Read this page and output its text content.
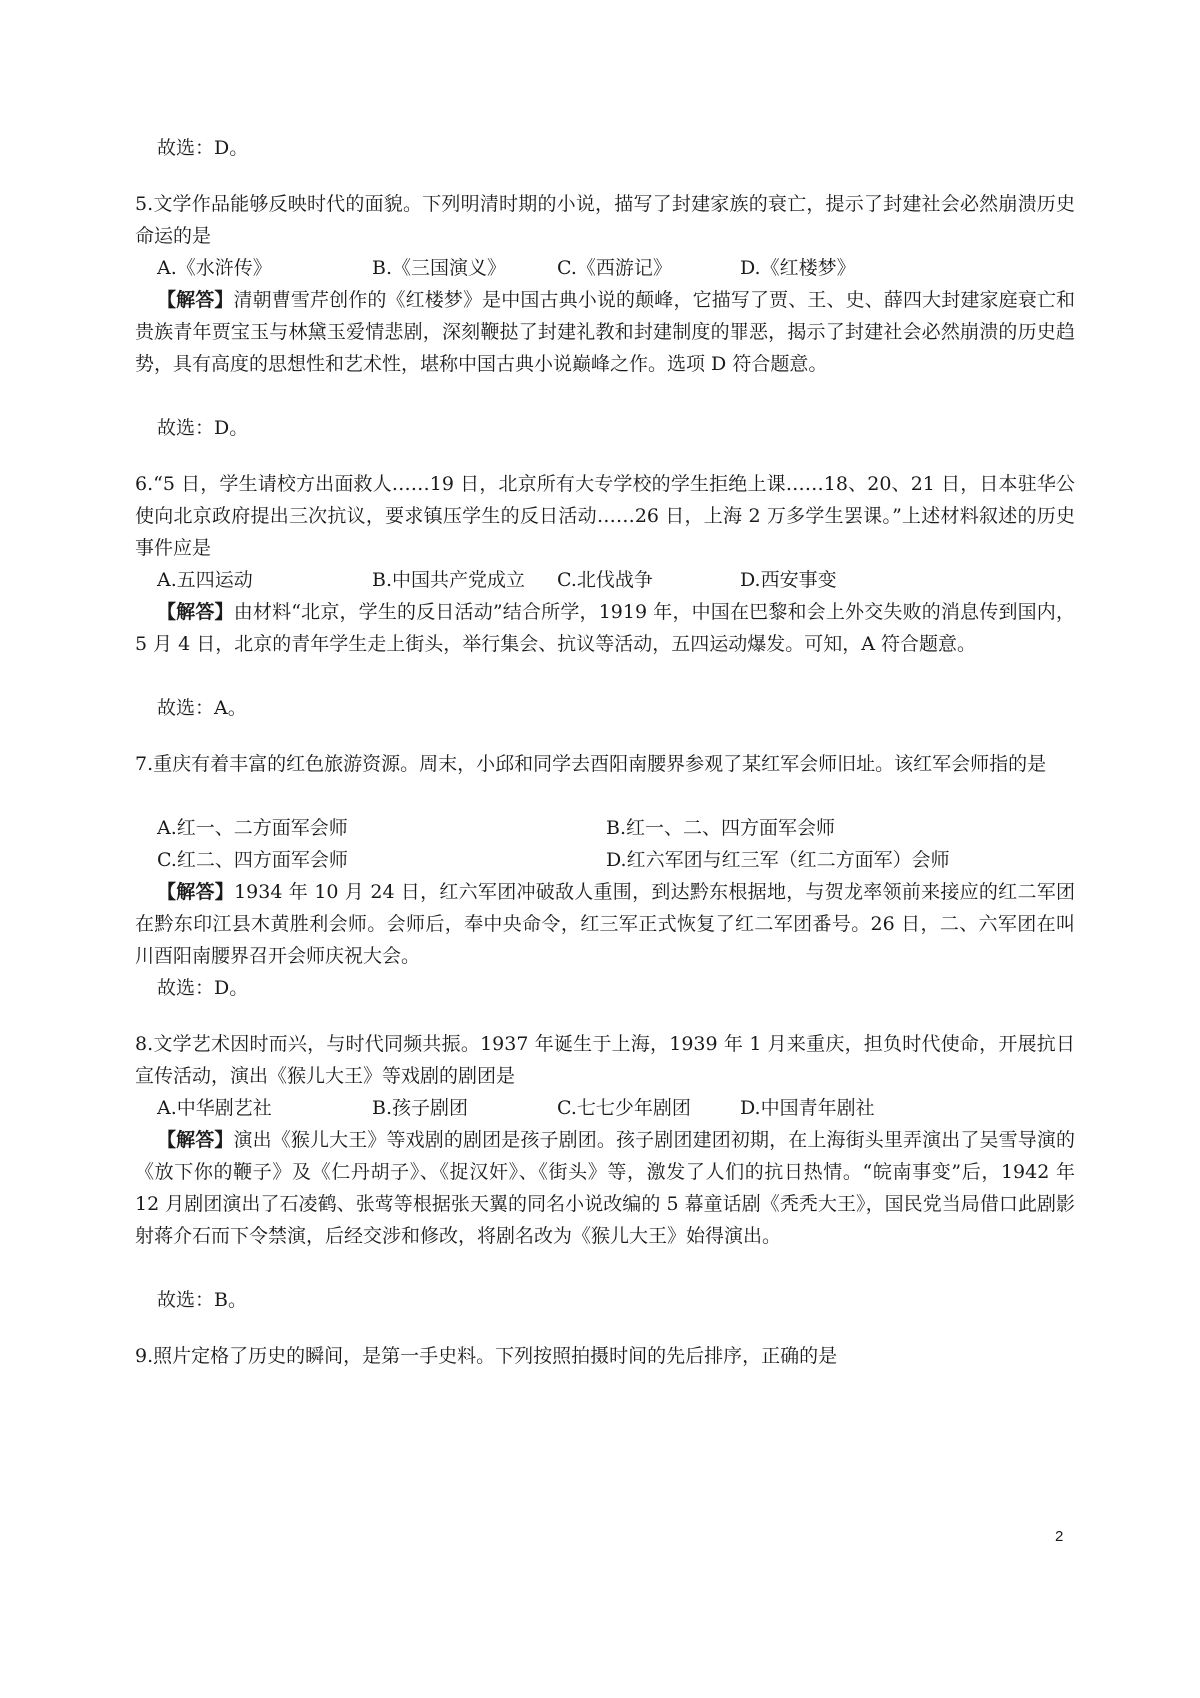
故选：D。

5.文学作品能够反映时代的面貌。下列明清时期的小说，描写了封建家族的衰亡，提示了封建社会必然崩溃历史命运的是

A.《水浒传》	B.《三国演义》	C.《西游记》	D.《红楼梦》

【解答】清朝曹雪芹创作的《红楼梦》是中国古典小说的颠峰，它描写了贾、王、史、薛四大封建家庭衰亡和贵族青年贾宝玉与林黛玉爱情悲剧，深刻鞭挞了封建礼教和封建制度的罪恶，揭示了封建社会必然崩溃的历史趋势，具有高度的思想性和艺术性，堪称中国古典小说巅峰之作。选项 D 符合题意。

故选：D。

6.“5 日，学生请校方出面救人……19 日，北京所有大专学校的学生拒绝上课……18、20、21 日，日本驻华公使向北京政府提出三次抗议，要求镇压学生的反日活动……26 日，上海 2 万多学生罢课。”上述材料叙述的历史事件应是

A.五四运动	B.中国共产党成立 C.北伐战争	D.西安事变

【解答】由材料“北京，学生的反日活动”结合所学，1919 年，中国在巴黎和会上外交失败的消息传到国内，5 月 4 日，北京的青年学生走上街头，举行集会、抗议等活动，五四运动爆发。可知，A 符合题意。

故选：A。

7.重庆有着丰富的红色旅游资源。周末，小邱和同学去酉阳南腰界参观了某红军会师旧址。该红军会师指的是

A.红一、二方面军会师	B.红一、二、四方面军会师
C.红二、四方面军会师	D.红六军团与红三军（红二方面军）会师

【解答】1934 年 10 月 24 日，红六军团冲破敌人重围，到达黔东根据地，与贺龙率领前来接应的红二军团在黔东印江县木黄胜利会师。会师后，奉中央命令，红三军正式恢复了红二军团番号。26 日，二、六军团在叫川酉阳南腰界召开会师庆祝大会。

故选：D。

8.文学艺术因时而兴，与时代同频共振。1937 年诞生于上海，1939 年 1 月来重庆，担负时代使命，开展抗日宣传活动，演出《猴儿大王》等戏剧的剧团是

A.中华剧艺社	B.孩子剧团	C.七七少年剧团	D.中国青年剧社

【解答】演出《猴儿大王》等戏剧的剧团是孩子剧团。孩子剧团建团初期，在上海街头里弄演出了吴雪导演的《放下你的鞭子》及《仁丹胡子》、《捉汉奸》、《街头》等，激发了人们的抗日热情。“皖南事变”后，1942 年 12 月剧团演出了石凌鹤、张莺等根据张天翼的同名小说改编的 5 幕童话剧《秃秃大王》，国民党当局借口此剧影射蒋介石而下令禁演，后经交涉和修改，将剧名改为《猴儿大王》始得演出。

故选：B。

9.照片定格了历史的瞬间，是第一手史料。下列按照拍摄时间的先后排序，正确的是

2
